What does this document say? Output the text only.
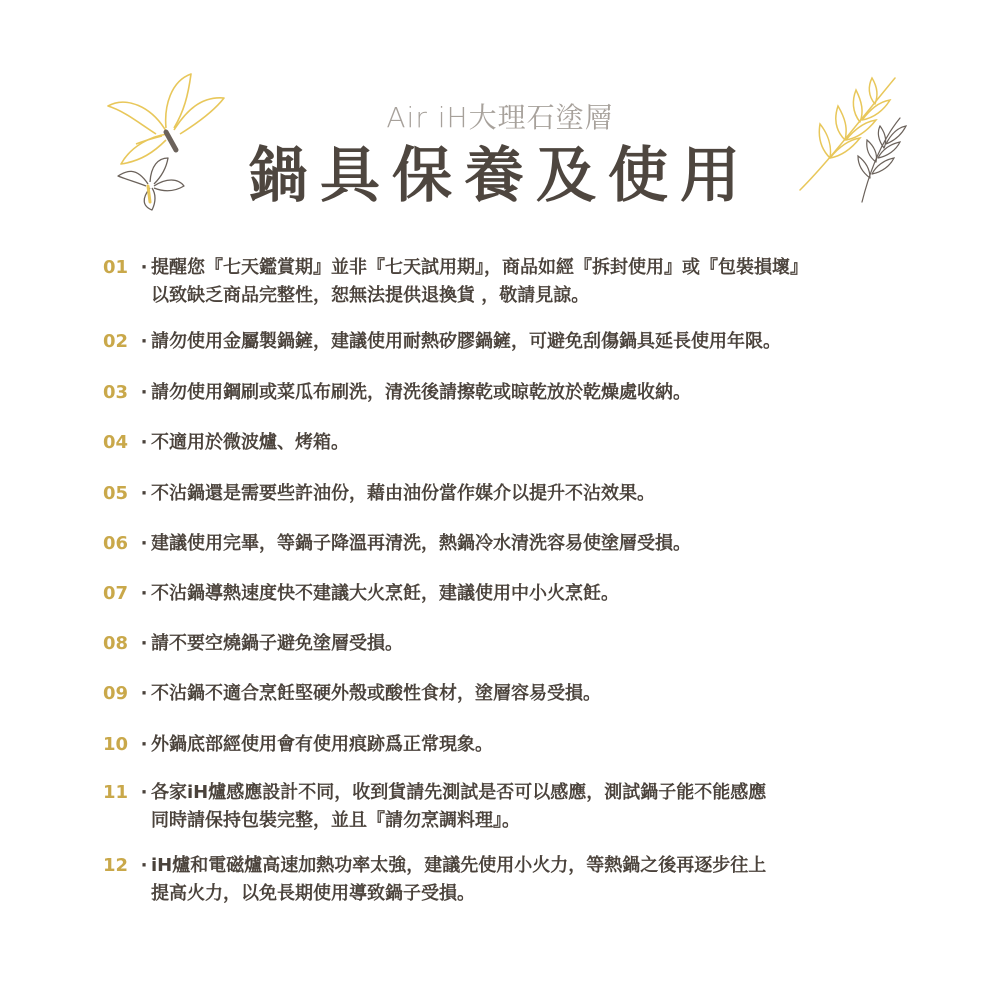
Air iH大理石塗層
鍋具保養及使用
01 · 提醒您『七天鑑賞期』並非『七天試用期』，商品如經『拆封使用』或『包裝損壞』
以致缺乏商品完整性，恕無法提供退換貨 ，敬請見諒。
02 · 請勿使用金屬製鍋鏟，建議使用耐熱矽膠鍋鏟，可避免刮傷鍋具延長使用年限。
03 · 請勿使用鋼刷或菜瓜布刷洗，清洗後請擦乾或晾乾放於乾燥處收納。
04 · 不適用於微波爐、烤箱。
05 · 不沾鍋還是需要些許油份，藉由油份當作媒介以提升不沾效果。
06 · 建議使用完畢，等鍋子降溫再清洗，熱鍋冷水清洗容易使塗層受損。
07 · 不沾鍋導熱速度快不建議大火烹飪，建議使用中小火烹飪。
08 · 請不要空燒鍋子避免塗層受損。
09 · 不沾鍋不適合烹飪堅硬外殼或酸性食材，塗層容易受損。
10 · 外鍋底部經使用會有使用痕跡爲正常現象。
11 · 各家iH爐感應設計不同，收到貨請先測試是否可以感應，測試鍋子能不能感應
同時請保持包裝完整，並且『請勿烹調料理』。
12 · iH爐和電磁爐高速加熱功率太強，建議先使用小火力，等熱鍋之後再逐步往上
提高火力，以免長期使用導致鍋子受損。
